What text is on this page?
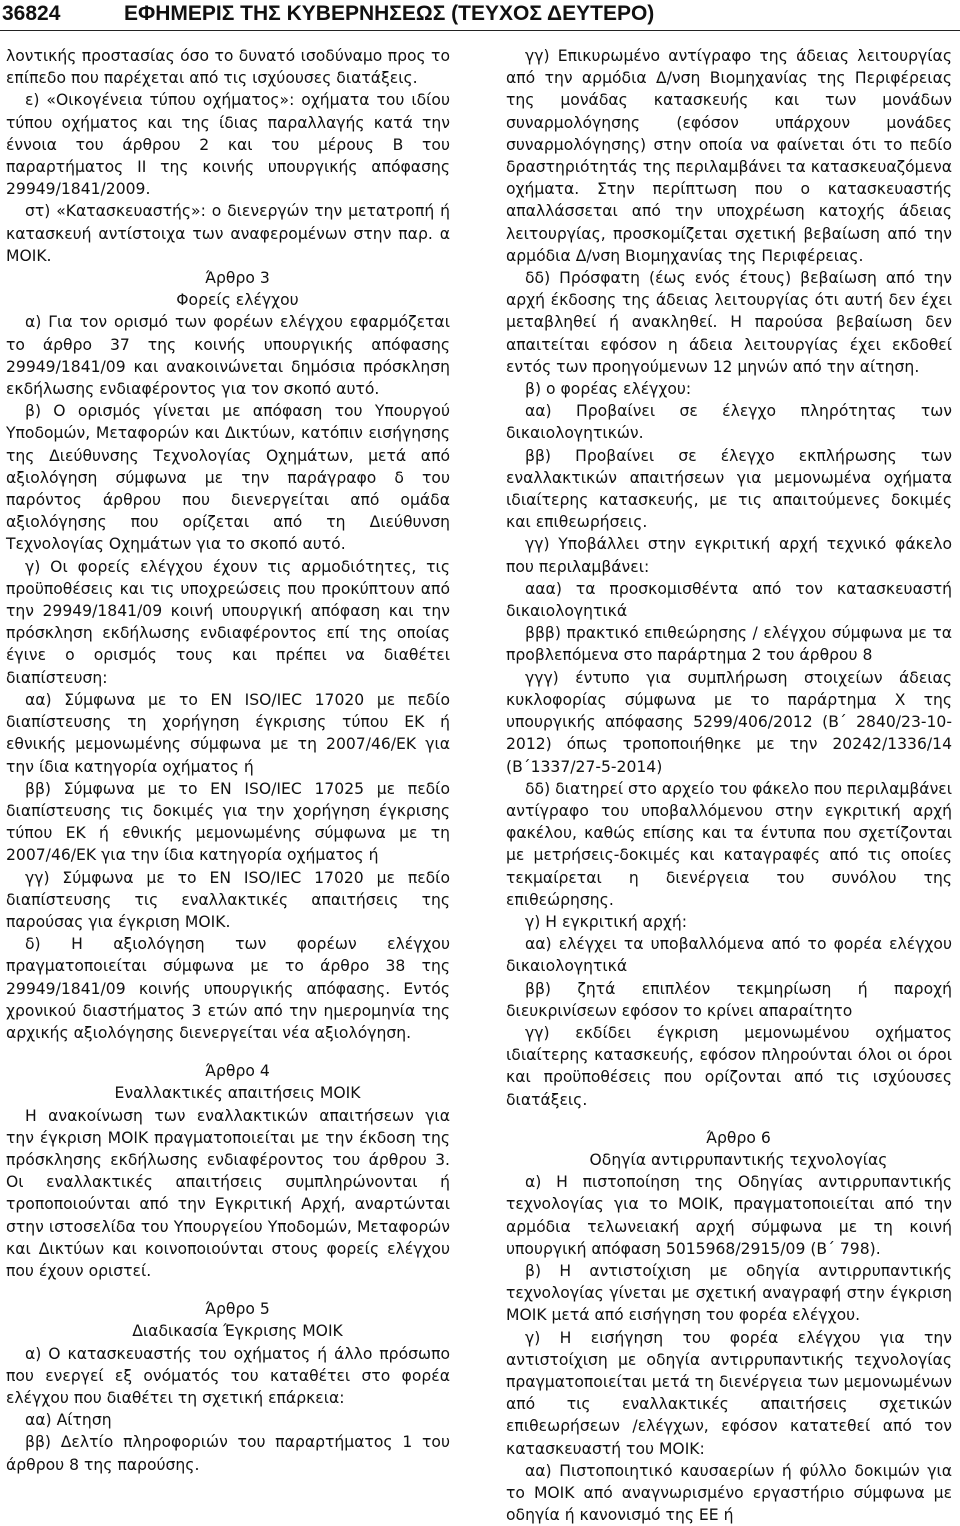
36824	ΕΦΗΜΕΡΙΣ ΤΗΣ ΚΥΒΕΡΝΗΣΕΩΣ (ΤΕΥΧΟΣ ΔΕΥΤΕΡΟ)

λοντικής προστασίας όσο το δυνατό ισοδύναμο προς το επίπεδο που παρέχεται από τις ισχύουσες διατάξεις.

ε) «Οικογένεια τύπου οχήματος»: οχήματα του ιδίου τύπου οχήματος και της ίδιας παραλλαγής κατά την έννοια του άρθρου 2 και του μέρους Β του παραρτήματος ΙΙ της κοινής υπουργικής απόφασης 29949/1841/2009.

στ) «Κατασκευαστής»: ο διενεργών την μετατροπή ή κατασκευή αντίστοιχα των αναφερομένων στην παρ. α ΜΟΙΚ.

Άρθρο 3

Φορείς ελέγχου

α) Για τον ορισμό των φορέων ελέγχου εφαρμόζεται το άρθρο 37 της κοινής υπουργικής απόφασης 29949/1841/09 και ανακοινώνεται δημόσια πρόσκληση εκδήλωσης ενδιαφέροντος για τον σκοπό αυτό.

β) Ο ορισμός γίνεται με απόφαση του Υπουργού Υποδομών, Μεταφορών και Δικτύων, κατόπιν εισήγησης της Διεύθυνσης Τεχνολογίας Οχημάτων, μετά από αξιολόγηση σύμφωνα με την παράγραφο δ του παρόντος άρθρου που διενεργείται από ομάδα αξιολόγησης που ορίζεται από τη Διεύθυνση Τεχνολογίας Οχημάτων για το σκοπό αυτό.

γ) Οι φορείς ελέγχου έχουν τις αρμοδιότητες, τις προϋποθέσεις και τις υποχρεώσεις που προκύπτουν από την 29949/1841/09 κοινή υπουργική απόφαση και την πρόσκληση εκδήλωσης ενδιαφέροντος επί της οποίας έγινε ο ορισμός τους και πρέπει να διαθέτει διαπίστευση:

αα) Σύμφωνα με το EN ISO/IEC 17020 με πεδίο διαπίστευσης τη χορήγηση έγκρισης τύπου ΕΚ ή εθνικής μεμονωμένης σύμφωνα με τη 2007/46/ΕΚ για την ίδια κατηγορία οχήματος ή

ββ) Σύμφωνα με το EN ISO/IEC 17025 με πεδίο διαπίστευσης τις δοκιμές για την χορήγηση έγκρισης τύπου ΕΚ ή εθνικής μεμονωμένης σύμφωνα με τη 2007/46/ΕΚ για την ίδια κατηγορία οχήματος ή

γγ) Σύμφωνα με το EN ISO/IEC 17020 με πεδίο διαπίστευσης τις εναλλακτικές απαιτήσεις της παρούσας για έγκριση ΜΟΙΚ.

δ) Η αξιολόγηση των φορέων ελέγχου πραγματοποιείται σύμφωνα με το άρθρο 38 της 29949/1841/09 κοινής υπουργικής απόφασης. Εντός χρονικού διαστήματος 3 ετών από την ημερομηνία της αρχικής αξιολόγησης διενεργείται νέα αξιολόγηση.

Άρθρο 4

Εναλλακτικές απαιτήσεις ΜΟΙΚ

Η ανακοίνωση των εναλλακτικών απαιτήσεων για την έγκριση ΜΟΙΚ πραγματοποιείται με την έκδοση της πρόσκλησης εκδήλωσης ενδιαφέροντος του άρθρου 3. Οι εναλλακτικές απαιτήσεις συμπληρώνονται ή τροποποιούνται από την Εγκριτική Αρχή, αναρτώνται στην ιστοσελίδα του Υπουργείου Υποδομών, Μεταφορών και Δικτύων και κοινοποιούνται στους φορείς ελέγχου που έχουν οριστεί.

Άρθρο 5

Διαδικασία Έγκρισης ΜΟΙΚ

α) Ο κατασκευαστής του οχήματος ή άλλο πρόσωπο που ενεργεί εξ ονόματός του καταθέτει στο φορέα ελέγχου που διαθέτει τη σχετική επάρκεια:

αα) Αίτηση

ββ) Δελτίο πληροφοριών του παραρτήματος 1 του άρθρου 8 της παρούσης.

γγ) Επικυρωμένο αντίγραφο της άδειας λειτουργίας από την αρμόδια Δ/νση Βιομηχανίας της Περιφέρειας της μονάδας κατασκευής και των μονάδων συναρμολόγησης (εφόσον υπάρχουν μονάδες συναρμολόγησης) στην οποία να φαίνεται ότι το πεδίο δραστηριότητάς της περιλαμβάνει τα κατασκευαζόμενα οχήματα. Στην περίπτωση που ο κατασκευαστής απαλλάσσεται από την υποχρέωση κατοχής άδειας λειτουργίας, προσκομίζεται σχετική βεβαίωση από την αρμόδια Δ/νση Βιομηχανίας της Περιφέρειας.

δδ) Πρόσφατη (έως ενός έτους) βεβαίωση από την αρχή έκδοσης της άδειας λειτουργίας ότι αυτή δεν έχει μεταβληθεί ή ανακληθεί. Η παρούσα βεβαίωση δεν απαιτείται εφόσον η άδεια λειτουργίας έχει εκδοθεί εντός των προηγούμενων 12 μηνών από την αίτηση.

β) ο φορέας ελέγχου:

αα) Προβαίνει σε έλεγχο πληρότητας των δικαιολογητικών.

ββ) Προβαίνει σε έλεγχο εκπλήρωσης των εναλλακτικών απαιτήσεων για μεμονωμένα οχήματα ιδιαίτερης κατασκευής, με τις απαιτούμενες δοκιμές και επιθεωρήσεις.

γγ) Υποβάλλει στην εγκριτική αρχή τεχνικό φάκελο που περιλαμβάνει:

ααα) τα προσκομισθέντα από τον κατασκευαστή δικαιολογητικά

βββ) πρακτικό επιθεώρησης / ελέγχου σύμφωνα με τα προβλεπόμενα στο παράρτημα 2 του άρθρου 8

γγγ) έντυπο για συμπλήρωση στοιχείων άδειας κυκλοφορίας σύμφωνα με το παράρτημα Χ της υπουργικής απόφασης 5299/406/2012 (Β΄ 2840/23-10-2012) όπως τροποποιήθηκε με την 20242/1336/14 (Β΄1337/27-5-2014)

δδ) διατηρεί στο αρχείο του φάκελο που περιλαμβάνει αντίγραφο του υποβαλλόμενου στην εγκριτική αρχή φακέλου, καθώς επίσης και τα έντυπα που σχετίζονται με μετρήσεις-δοκιμές και καταγραφές από τις οποίες τεκμαίρεται η διενέργεια του συνόλου της επιθεώρησης.

γ) Η εγκριτική αρχή:

αα) ελέγχει τα υποβαλλόμενα από το φορέα ελέγχου δικαιολογητικά

ββ) ζητά επιπλέον τεκμηρίωση ή παροχή διευκρινίσεων εφόσον το κρίνει απαραίτητο

γγ) εκδίδει έγκριση μεμονωμένου οχήματος ιδιαίτερης κατασκευής, εφόσον πληρούνται όλοι οι όροι και προϋποθέσεις που ορίζονται από τις ισχύουσες διατάξεις.

Άρθρο 6

Οδηγία αντιρρυπαντικής τεχνολογίας

α) Η πιστοποίηση της Οδηγίας αντιρρυπαντικής τεχνολογίας για το ΜΟΙΚ, πραγματοποιείται από την αρμόδια τελωνειακή αρχή σύμφωνα με τη κοινή υπουργική απόφαση 5015968/2915/09 (Β΄ 798).

β) Η αντιστοίχιση με οδηγία αντιρρυπαντικής τεχνολογίας γίνεται με σχετική αναγραφή στην έγκριση ΜΟΙΚ μετά από εισήγηση του φορέα ελέγχου.

γ) Η εισήγηση του φορέα ελέγχου για την αντιστοίχιση με οδηγία αντιρρυπαντικής τεχνολογίας πραγματοποιείται μετά τη διενέργεια των μεμονωμένων από τις εναλλακτικές απαιτήσεις σχετικών επιθεωρήσεων /ελέγχων, εφόσον κατατεθεί από τον κατασκευαστή του ΜΟΙΚ:

αα) Πιστοποιητικό καυσαερίων ή φύλλο δοκιμών για το ΜΟΙΚ από αναγνωρισμένο εργαστήριο σύμφωνα με οδηγία ή κανονισμό της ΕΕ ή
